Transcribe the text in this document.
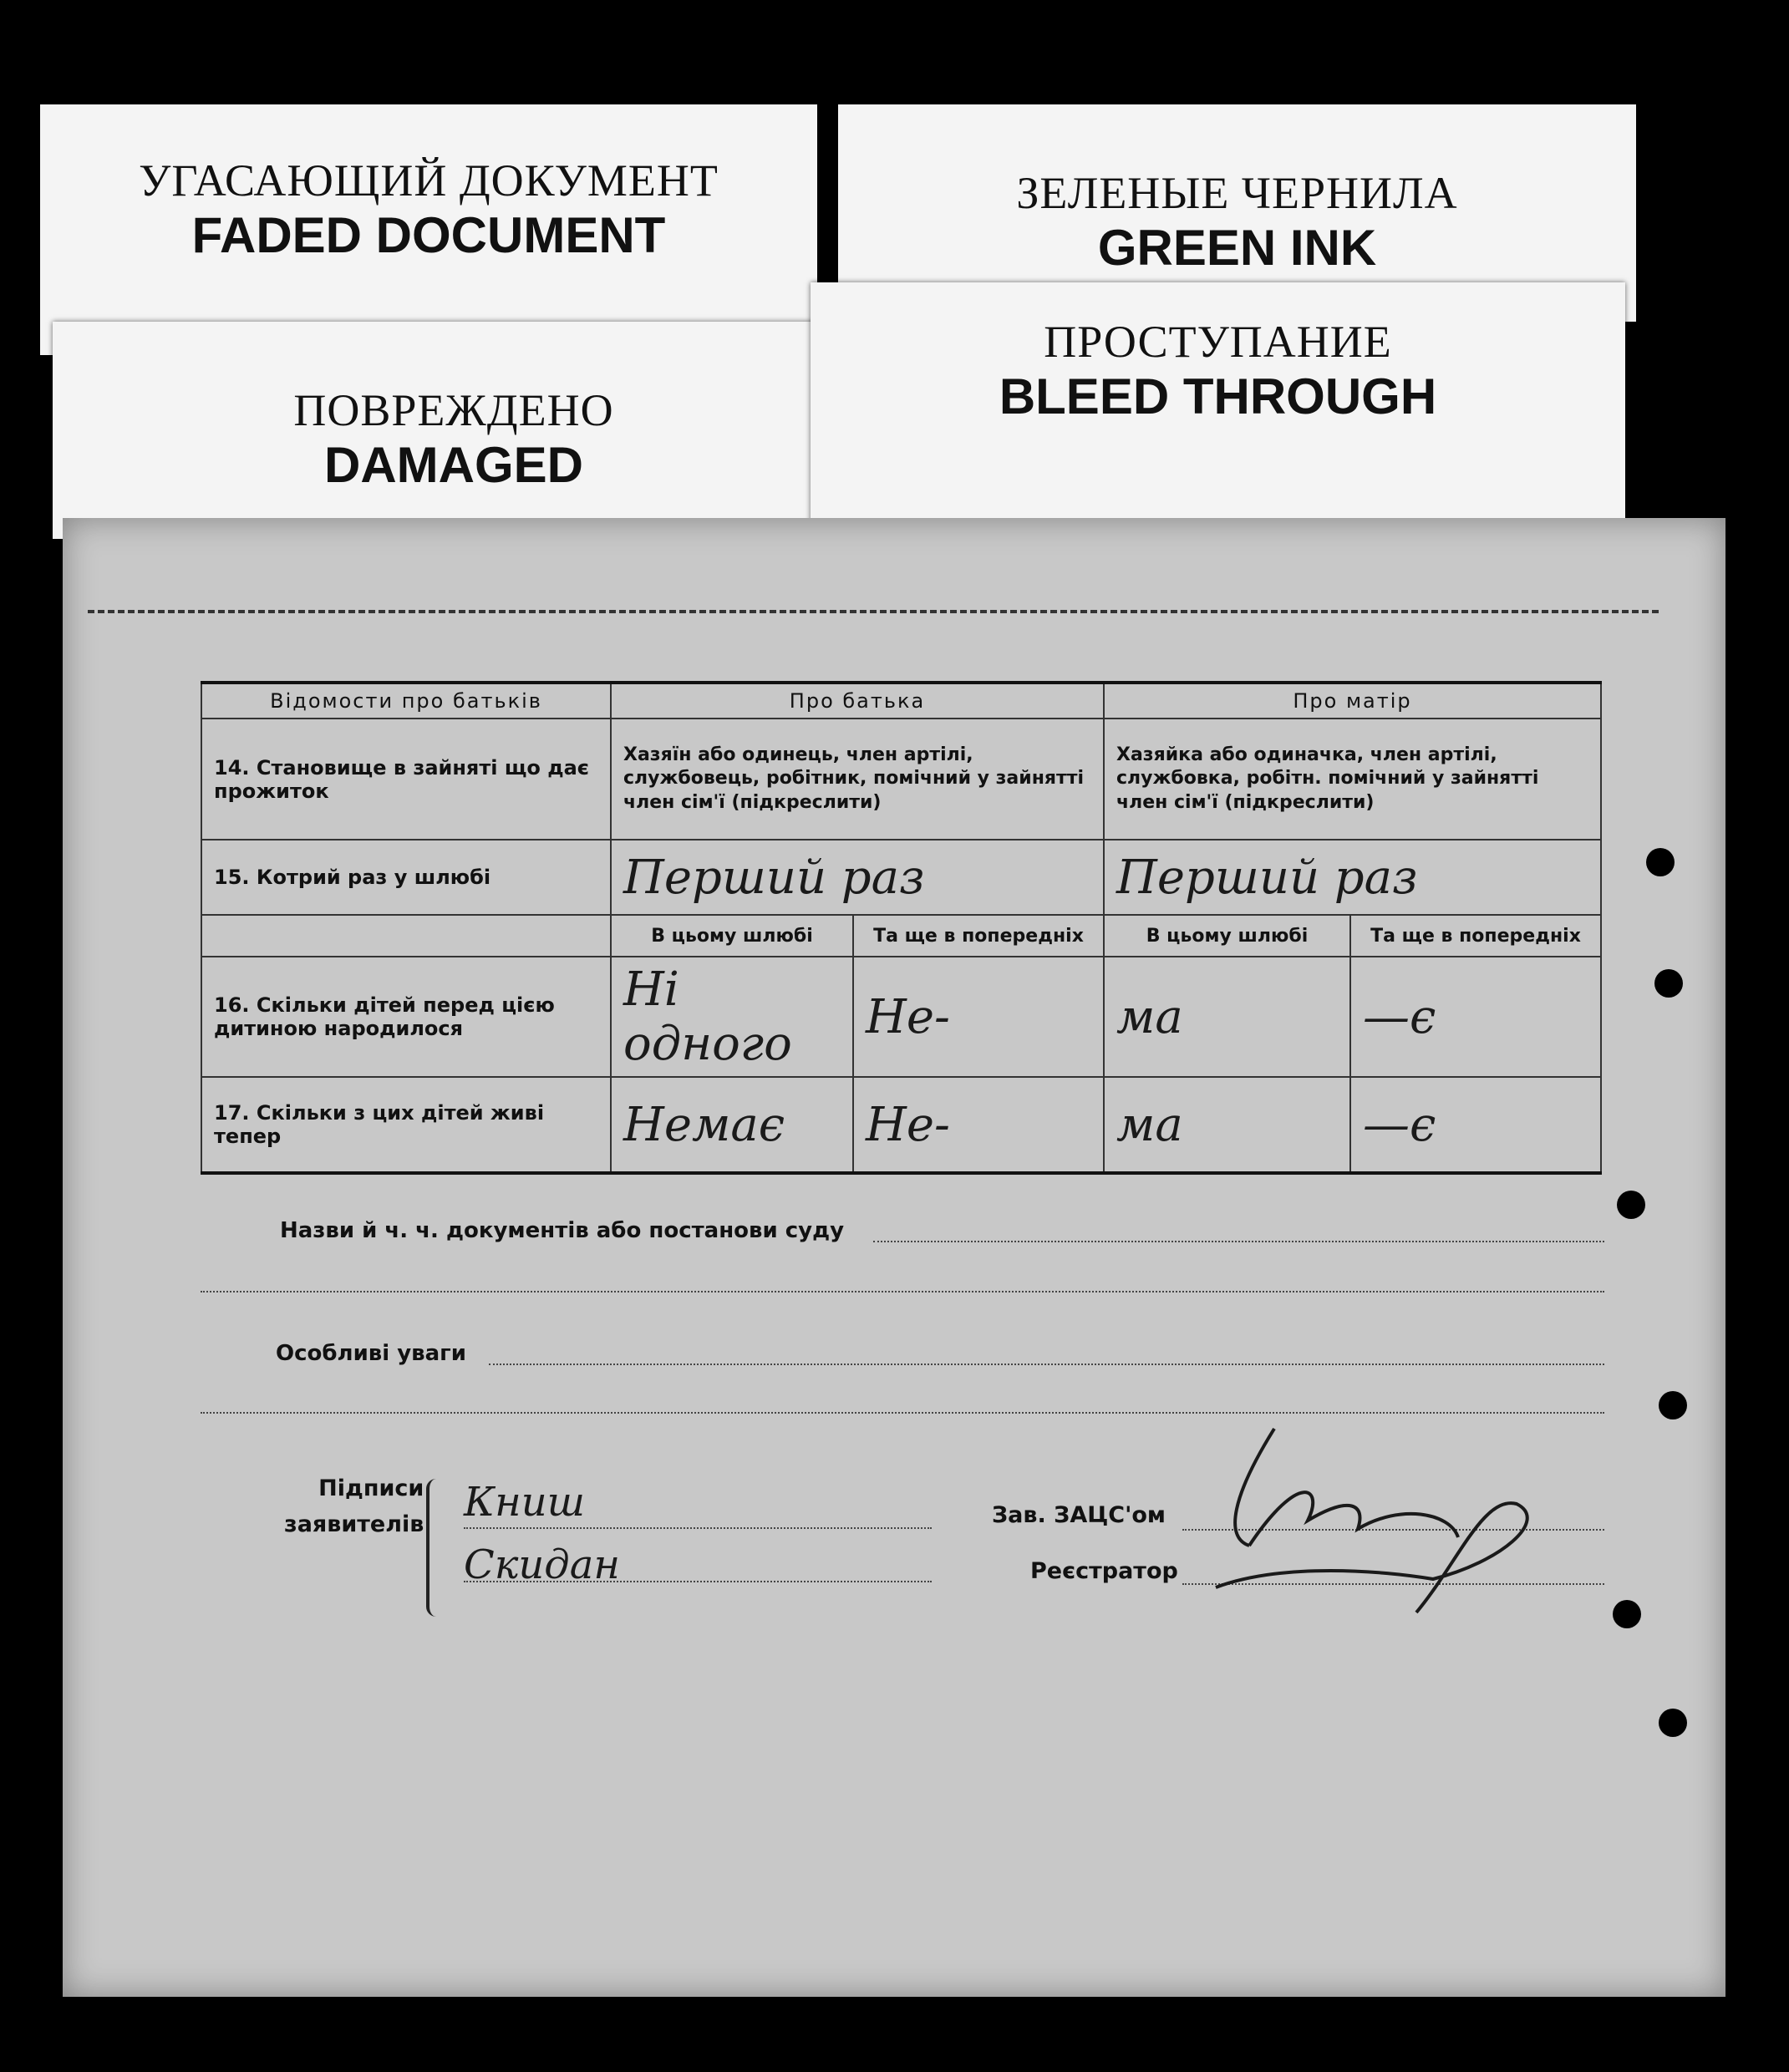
УГАСАЮЩИЙ ДОКУМЕНТ
FADED DOCUMENT
ЗЕЛЕНЫЕ ЧЕРНИЛА
GREEN INK
ПОВРЕЖДЕНО
DAMAGED
ПРОСТУПАНИЕ
BLEED THROUGH
Відомости про батьків	Про батька		Про матір	
14. Становище в зайняті що дає прожиток	Хазяїн або одинець, член артілі, службовець, робітник, помічний у зайнятті член сім'ї (підкреслити)		Хазяйка або одиначка, член артілі, службовка, робітн. помічний у зайнятті член сім'ї (підкреслити)	
15. Котрий раз у шлюбі	Перший раз		Перший раз	
	В цьому шлюбі	Та ще в попередніх	В цьому шлюбі	Та ще в попередніх
16. Скільки дітей перед цією дитиною народилося	Ні одного	Не-	ма	—є
17. Скільки з цих дітей живі тепер	Немає	Не-	ма	—є
Назви й ч. ч. документів або постанови суду
Особливі уваги
Підписи
заявителів Книш
Скидан
Зав. ЗАЦС'ом
Реєстратор
